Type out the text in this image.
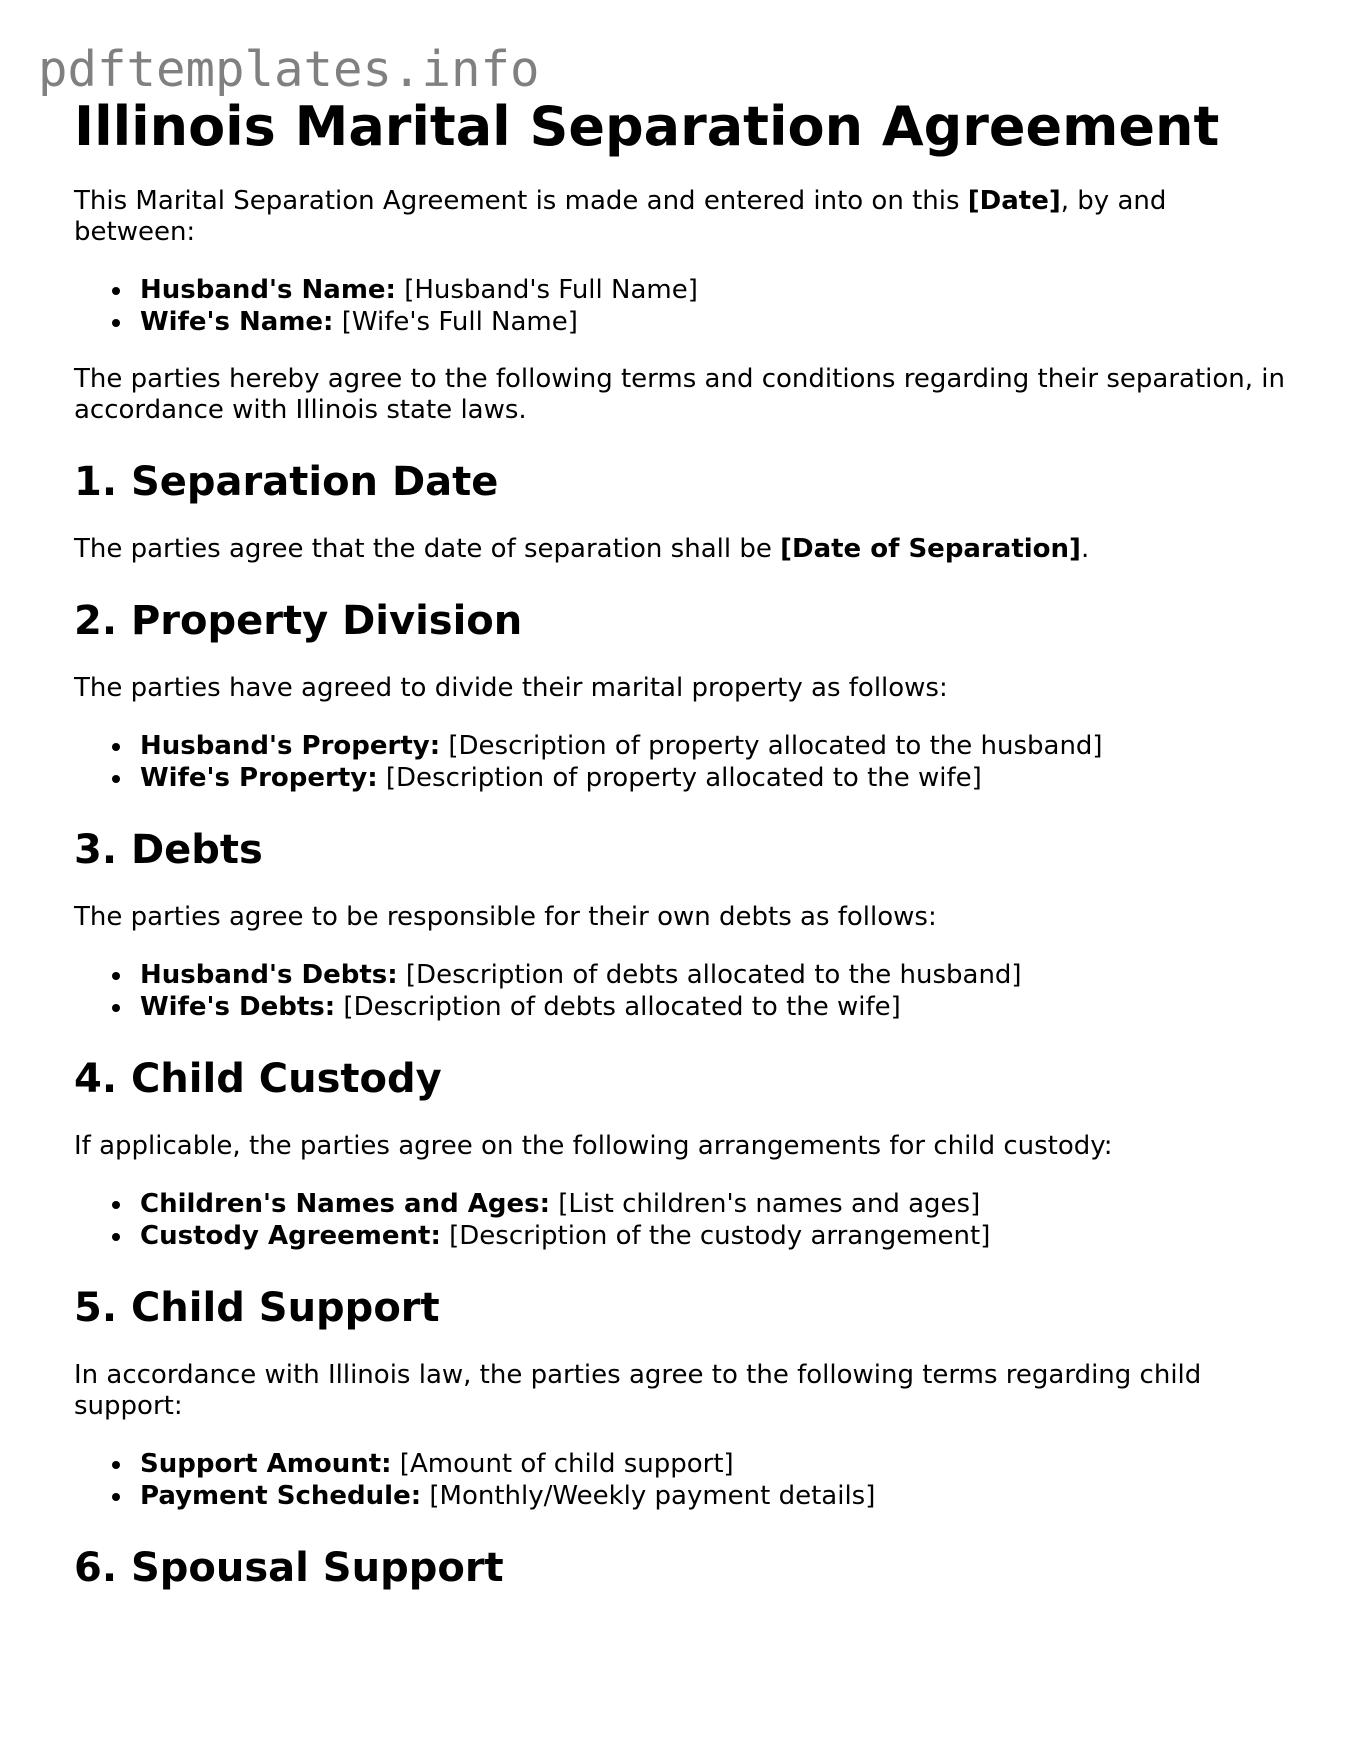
pdftemplates.info
Illinois Marital Separation Agreement

This Marital Separation Agreement is made and entered into on this [Date], by and between:

Husband's Name: [Husband's Full Name]
Wife's Name: [Wife's Full Name]

The parties hereby agree to the following terms and conditions regarding their separation, in accordance with Illinois state laws.

1. Separation Date

The parties agree that the date of separation shall be [Date of Separation].

2. Property Division

The parties have agreed to divide their marital property as follows:

Husband's Property: [Description of property allocated to the husband]
Wife's Property: [Description of property allocated to the wife]
3. Debts

The parties agree to be responsible for their own debts as follows:

Husband's Debts: [Description of debts allocated to the husband]
Wife's Debts: [Description of debts allocated to the wife]
4. Child Custody

If applicable, the parties agree on the following arrangements for child custody:

Children's Names and Ages: [List children's names and ages]
Custody Agreement: [Description of the custody arrangement]
5. Child Support

In accordance with Illinois law, the parties agree to the following terms regarding child support:

Support Amount: [Amount of child support]
Payment Schedule: [Monthly/Weekly payment details]
6. Spousal Support
